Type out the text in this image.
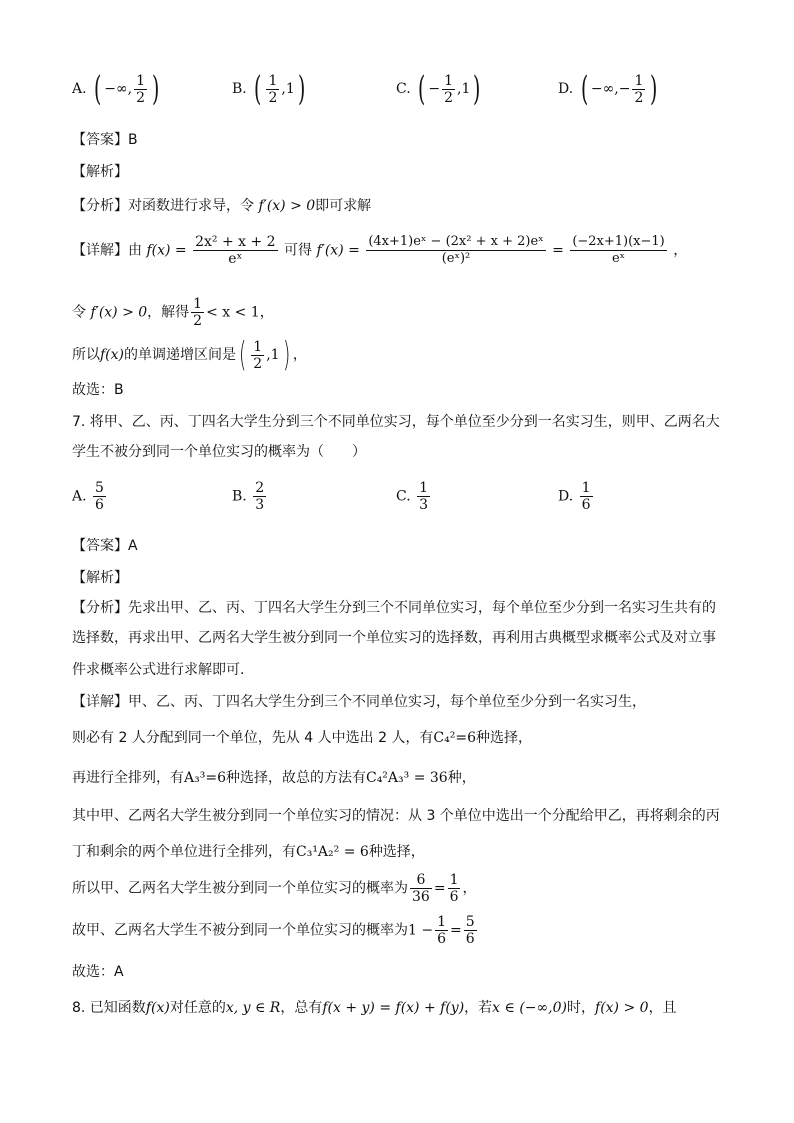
A. ( −∞, $\frac{1}{2}$ )	B. ( $\frac{1}{2} ,1$)	C. ( − $\frac{1}{2} ,1$)	D. ( −∞,− $\frac{1}{2}$ )
【答案】B
【解析】
【分析】对函数进行求导，令 f′(x) > 0即可求解
【详解】由 $f(x) = \frac{\text{2x² + x + 2}}{\text{eˣ}}$ 可得 $f'(x) = \frac{\text{(4x+1)eˣ − (2x² + x + 2)eˣ}}{\text{(eˣ)²}} = \frac{(-2x+1)(x-1)}{\text{eˣ}}$ ，
令 f′(x) > 0，解得 $\frac{1}{2} < x < 1$，
所以f(x)的单调递增区间是( $\frac{1}{2} ,1$) ，
故选：B
7. 将甲、乙、丙、丁四名大学生分到三个不同单位实习，每个单位至少分到一名实习生，则甲、乙两名大
学生不被分到同一个单位实习的概率为（　　）
A. $\frac{5}{6}$	B. $\frac{2}{3}$	C. $\frac{1}{3}$	D. $\frac{1}{6}$
【答案】A
【解析】
【分析】先求出甲、乙、丙、丁四名大学生分到三个不同单位实习，每个单位至少分到一名实习生共有的
选择数，再求出甲、乙两名大学生被分到同一个单位实习的选择数，再利用古典概型求概率公式及对立事
件求概率公式进行求解即可.
【详解】甲、乙、丙、丁四名大学生分到三个不同单位实习，每个单位至少分到一名实习生，
则必有 2 人分配到同一个单位，先从 4 人中选出 2 人，有C₄²=6种选择，
再进行全排列，有A₃³=6种选择，故总的方法有C₄²A₃³ = 36种，
其中甲、乙两名大学生被分到同一个单位实习的情况：从 3 个单位中选出一个分配给甲乙，再将剩余的丙
丁和剩余的两个单位进行全排列，有C₃¹A₂² = 6种选择，
所以甲、乙两名大学生被分到同一个单位实习的概率为 $\frac{6}{36} = \frac{1}{6}$ ，
故甲、乙两名大学生不被分到同一个单位实习的概率为$1 - \frac{1}{6} = \frac{5}{6}$
故选：A
8. 已知函数f(x)对任意的x, y ∈ R，总有f(x + y) = f(x) + f(y)，若x ∈ (−∞,0)时，f(x) > 0，且
